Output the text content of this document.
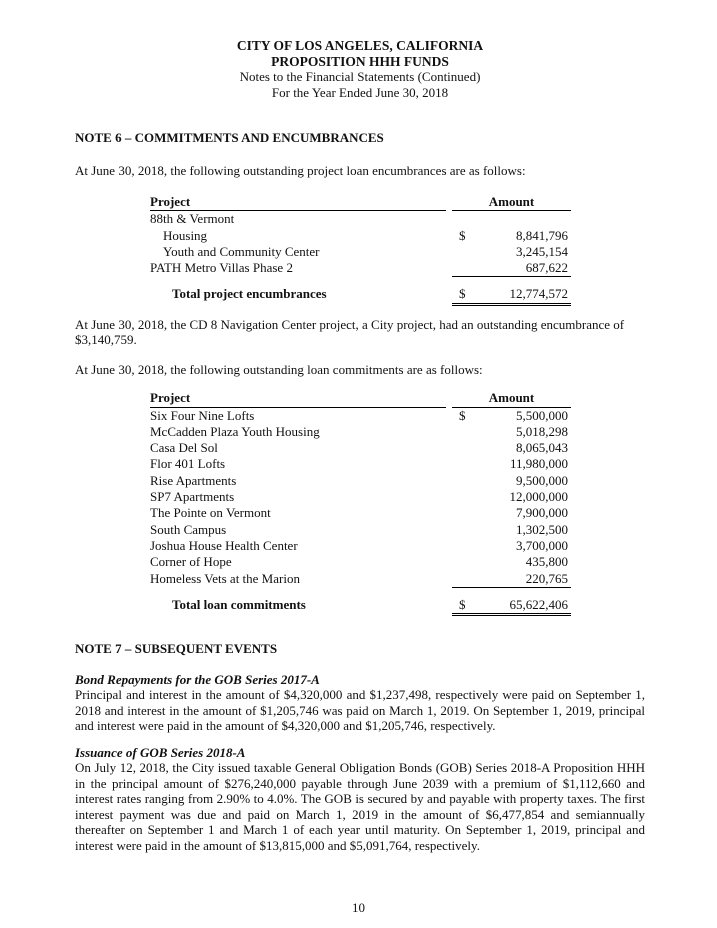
CITY OF LOS ANGELES, CALIFORNIA
PROPOSITION HHH FUNDS
Notes to the Financial Statements (Continued)
For the Year Ended June 30, 2018
NOTE 6 – COMMITMENTS AND ENCUMBRANCES

At June 30, 2018, the following outstanding project loan encumbrances are as follows:

Project	Amount
88th & Vermont
Housing	$	8,841,796
Youth and Community Center	3,245,154
PATH Metro Villas Phase 2	687,622
Total project encumbrances	$	12,774,572

At June 30, 2018, the CD 8 Navigation Center project, a City project, had an outstanding encumbrance of $3,140,759.

At June 30, 2018, the following outstanding loan commitments are as follows:

Project	Amount
Six Four Nine Lofts	$	5,500,000
McCadden Plaza Youth Housing	5,018,298
Casa Del Sol	8,065,043
Flor 401 Lofts	11,980,000
Rise Apartments	9,500,000
SP7 Apartments	12,000,000
The Pointe on Vermont	7,900,000
South Campus	1,302,500
Joshua House Health Center	3,700,000
Corner of Hope	435,800
Homeless Vets at the Marion	220,765
Total loan commitments	$	65,622,406
NOTE 7 – SUBSEQUENT EVENTS
Bond Repayments for the GOB Series 2017-A

Principal and interest in the amount of $4,320,000 and $1,237,498, respectively were paid on September 1, 2018 and interest in the amount of $1,205,746 was paid on March 1, 2019. On September 1, 2019, principal and interest were paid in the amount of $4,320,000 and $1,205,746, respectively.

Issuance of GOB Series 2018-A

On July 12, 2018, the City issued taxable General Obligation Bonds (GOB) Series 2018-A Proposition HHH in the principal amount of $276,240,000 payable through June 2039 with a premium of $1,112,660 and interest rates ranging from 2.90% to 4.0%. The GOB is secured by and payable with property taxes. The first interest payment was due and paid on March 1, 2019 in the amount of $6,477,854 and semiannually thereafter on September 1 and March 1 of each year until maturity. On September 1, 2019, principal and interest were paid in the amount of $13,815,000 and $5,091,764, respectively.

10
